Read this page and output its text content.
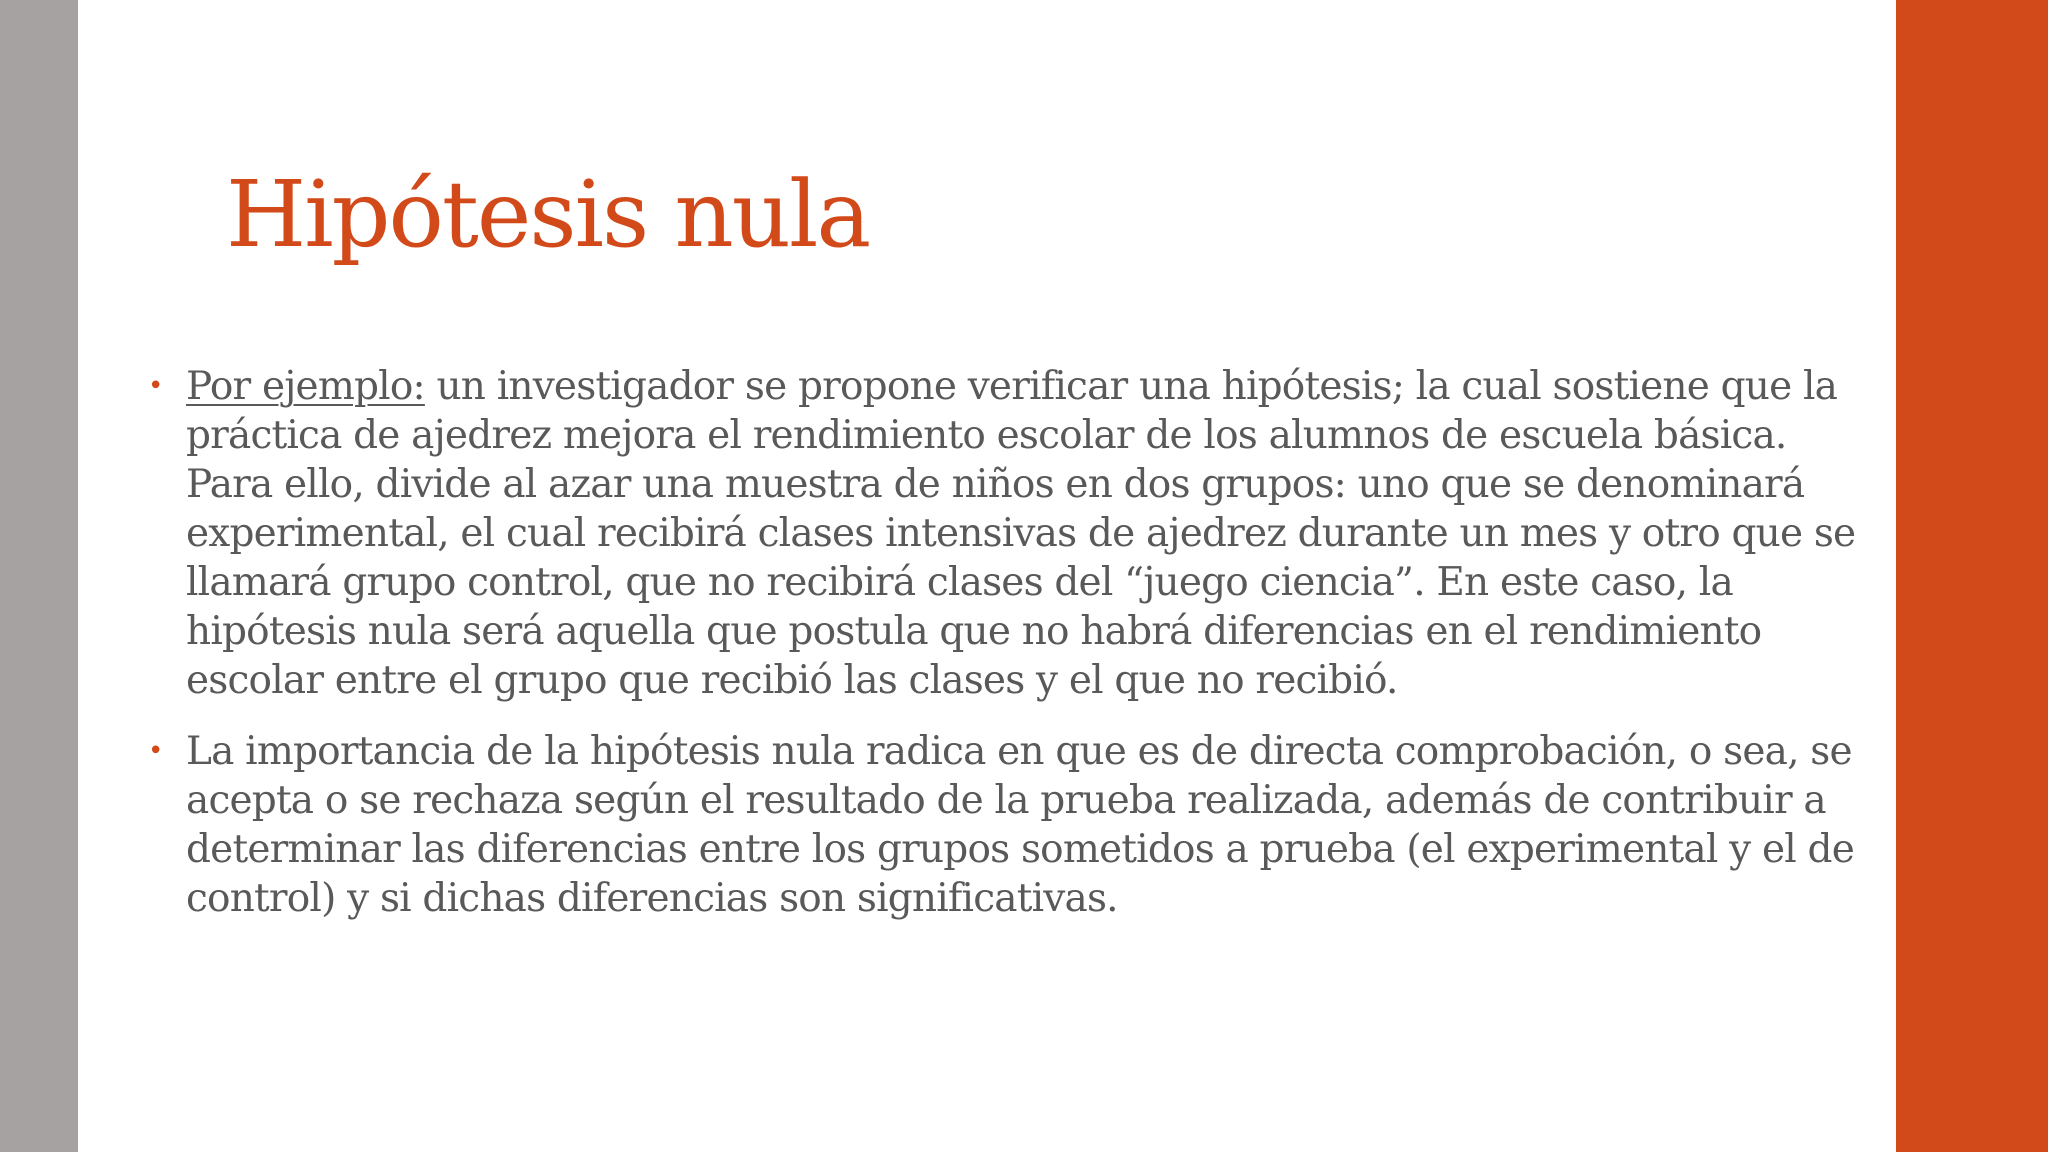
Hipótesis nula
• Por ejemplo: un investigador se propone verificar una hipótesis; la cual sostiene que la práctica de ajedrez mejora el rendimiento escolar de los alumnos de escuela básica. Para ello, divide al azar una muestra de niños en dos grupos: uno que se denominará experimental, el cual recibirá clases intensivas de ajedrez durante un mes y otro que se llamará grupo control, que no recibirá clases del “juego ciencia”. En este caso, la hipótesis nula será aquella que postula que no habrá diferencias en el rendimiento escolar entre el grupo que recibió las clases y el que no recibió.
• La importancia de la hipótesis nula radica en que es de directa comprobación, o sea, se acepta o se rechaza según el resultado de la prueba realizada, además de contribuir a determinar las diferencias entre los grupos sometidos a prueba (el experimental y el de control) y si dichas diferencias son significativas.
